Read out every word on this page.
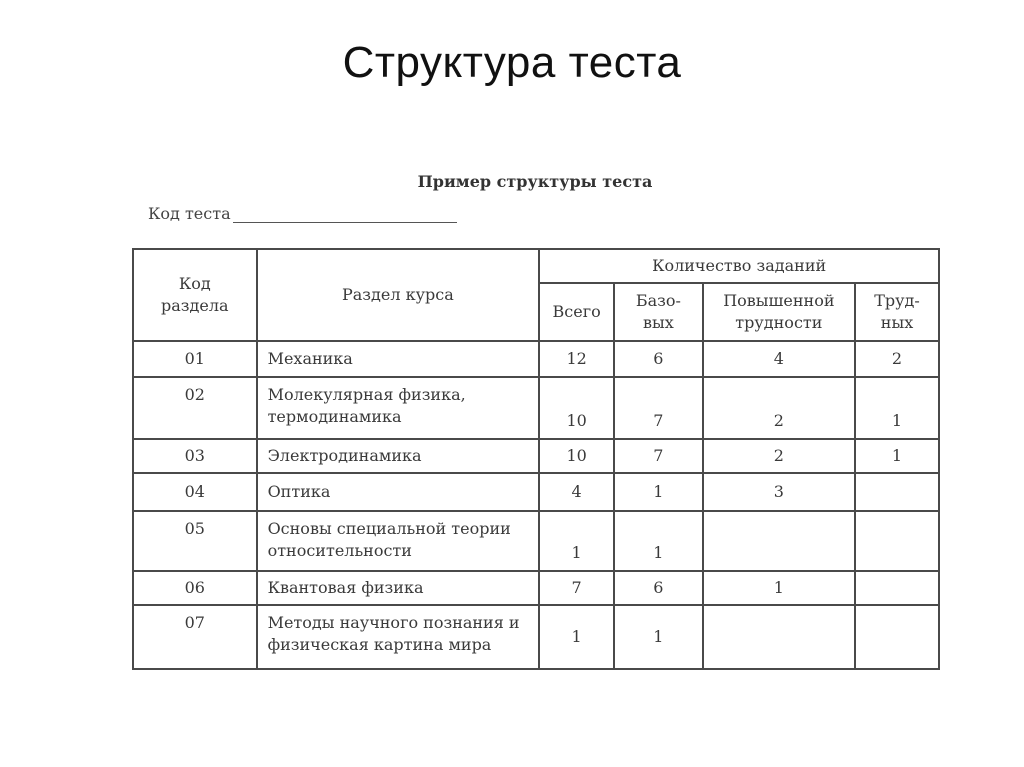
Структура теста
Пример структуры теста
Код теста
Код раздела	Раздел курса	Количество заданий			
		Всего	Базо-вых	Повышенной трудности	Труд-ных
01	Механика	12	6	4	2
02	Молекулярная физика, термодинамика	10	7	2	1
03	Электродинамика	10	7	2	1
04	Оптика	4	1	3	
05	Основы специальной теории относительности	1	1		
06	Квантовая физика	7	6	1	
07	Методы научного познания и физическая картина мира	1	1		
